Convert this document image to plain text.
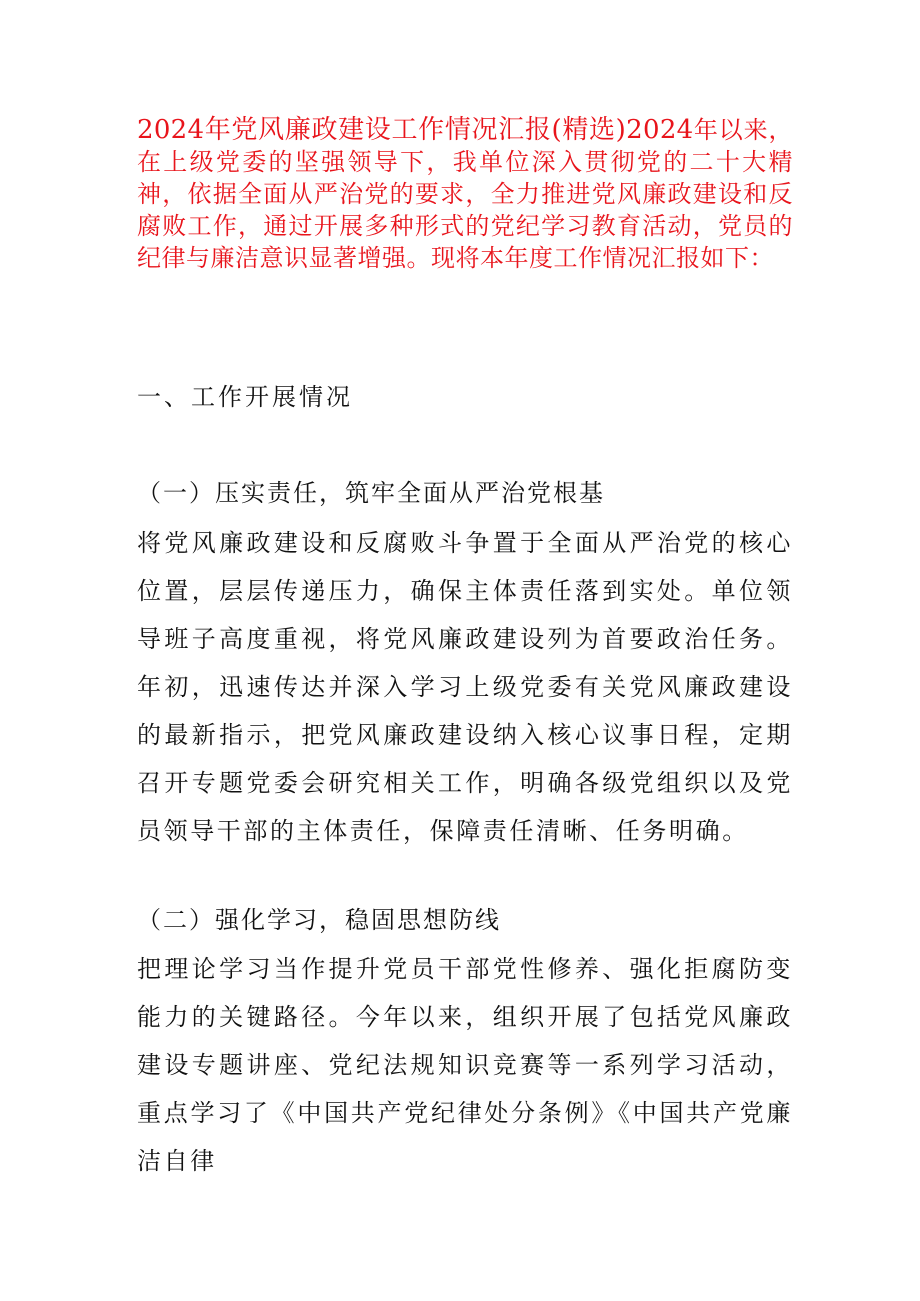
2024年党风廉政建设工作情况汇报(精选)2024年以来，在上级党委的坚强领导下，我单位深入贯彻党的二十大精神，依据全面从严治党的要求，全力推进党风廉政建设和反腐败工作，通过开展多种形式的党纪学习教育活动，党员的纪律与廉洁意识显著增强。现将本年度工作情况汇报如下：
一、工作开展情况
（一）压实责任，筑牢全面从严治党根基
将党风廉政建设和反腐败斗争置于全面从严治党的核心位置，层层传递压力，确保主体责任落到实处。单位领导班子高度重视，将党风廉政建设列为首要政治任务。年初，迅速传达并深入学习上级党委有关党风廉政建设的最新指示，把党风廉政建设纳入核心议事日程，定期召开专题党委会研究相关工作，明确各级党组织以及党员领导干部的主体责任，保障责任清晰、任务明确。
（二）强化学习，稳固思想防线
把理论学习当作提升党员干部党性修养、强化拒腐防变能力的关键路径。今年以来，组织开展了包括党风廉政建设专题讲座、党纪法规知识竞赛等一系列学习活动，重点学习了《中国共产党纪律处分条例》《中国共产党廉洁自律
